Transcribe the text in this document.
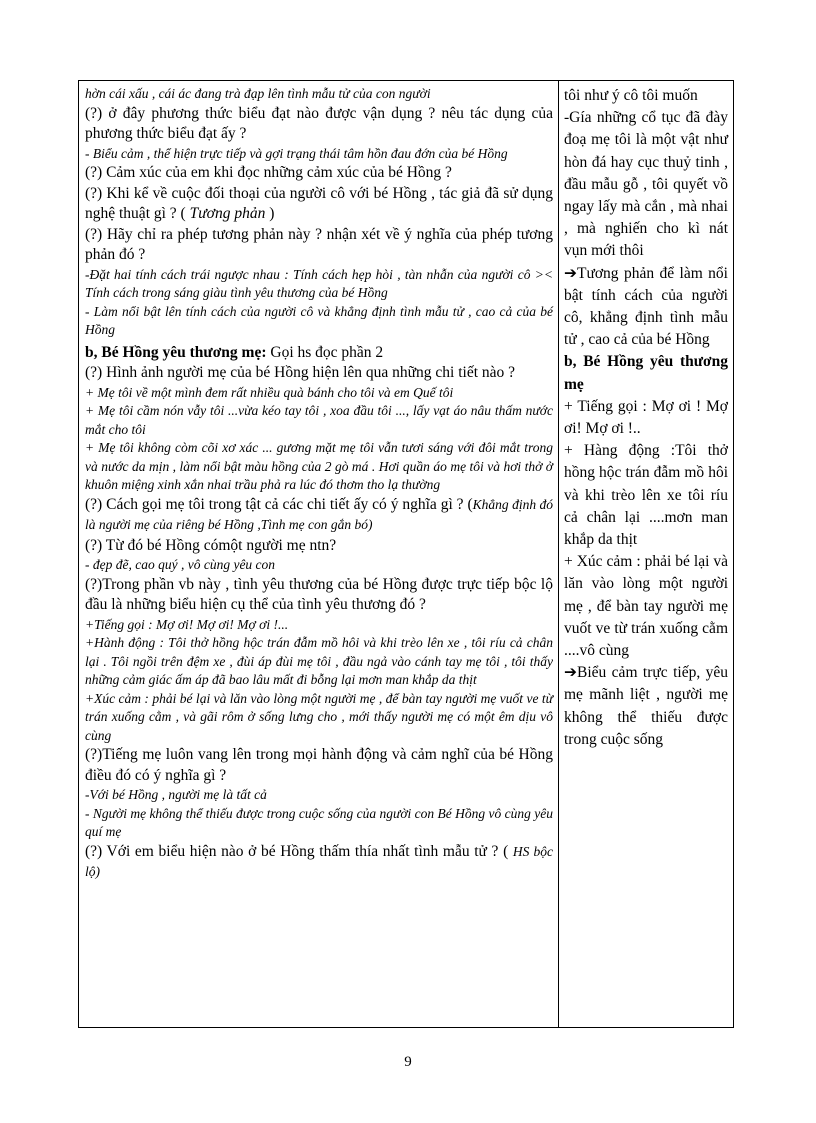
hờn cái xấu , cái ác đang trà đạp lên tình mẫu tử của con người

(?) ở đây phương thức biểu đạt nào được vận dụng ? nêu tác dụng của phương thức biểu đạt ấy ?

- Biểu cảm , thể hiện trực tiếp và gợi trạng thái tâm hồn đau đớn của bé Hồng

(?) Cảm xúc của em khi đọc những cảm xúc của bé Hồng ?

(?) Khi kể về cuộc đối thoại của người cô với bé Hồng , tác giả đã sử dụng nghệ thuật gì ? ( Tương phản )

(?) Hãy chỉ ra phép tương phản này ? nhận xét về ý nghĩa của phép tương phản đó ?

-Đặt hai tính cách trái ngược nhau : Tính cách hẹp hòi , tàn nhẫn của người cô >< Tính cách trong sáng giàu tình yêu thương của bé Hồng

- Làm nổi bật lên tính cách của người cô và khẳng định tình mẫu tử , cao cả của bé Hồng

b, Bé Hồng yêu thương mẹ: Gọi hs đọc phần 2

(?) Hình ảnh người mẹ của bé Hồng hiện lên qua những chi tiết nào ?

+ Mẹ tôi về một mình đem rất nhiều quà bánh cho tôi và em Quế tôi

+ Mẹ tôi cầm nón vẫy tôi ...vừa kéo tay tôi , xoa đầu tôi ..., lấy vạt áo nâu thấm nước mắt cho tôi

+ Mẹ tôi không còm cõi xơ xác ... gương mặt mẹ tôi vẫn tươi sáng với đôi mắt trong và nước da mịn , làm nổi bật màu hồng của 2 gò má . Hơi quần áo mẹ tôi và hơi thở ở khuôn miệng xinh xắn nhai trầu phả ra lúc đó thơm tho lạ thường

(?) Cách gọi mẹ tôi trong tật cả các chi tiết ấy có ý nghĩa gì ? (Khẳng định đó là người mẹ của riêng bé Hồng ,Tình mẹ con gắn bó)

(?) Từ đó bé Hồng cómột người mẹ ntn?

- đẹp đẽ, cao quý , vô cùng yêu con

(?)Trong phần vb này , tình yêu thương của bé Hồng được trực tiếp bộc lộ đầu là những biểu hiện cụ thể của tình yêu thương đó ?

+Tiếng gọi : Mợ ơi! Mợ ơi! Mợ ơi !...

+Hành động : Tôi thở hồng hộc trán đẫm mồ hôi và khi trèo lên xe , tôi ríu cả chân lại . Tôi ngồi trên đệm xe , đùi áp đùi mẹ tôi , đầu ngả vào cánh tay mẹ tôi , tôi thấy những cảm giác ấm áp đã bao lâu mất đi bỗng lại mơn man khắp da thịt

+Xúc cảm : phải bé lại và lăn vào lòng một người mẹ , để bàn tay người mẹ vuốt ve từ trán xuống cằm , và gãi rôm ở sống lưng cho , mới thấy người mẹ có một êm dịu vô cùng

(?)Tiếng mẹ luôn vang lên trong mọi hành động và cảm nghĩ của bé Hồng điều đó có ý nghĩa gì ?

-Với bé Hồng , người mẹ là tất cả

- Người mẹ không thể thiếu được trong cuộc sống của người con Bé Hồng vô cùng yêu quí mẹ

(?) Với em biểu hiện nào ở bé Hồng thấm thía nhất tình mẫu tử ? ( HS bộc lộ)

tôi như ý cô tôi muốn

-Gía những cổ tục đã đày đoạ mẹ tôi là một vật như hòn đá hay cục thuỷ tinh , đầu mẫu gỗ , tôi quyết vồ ngay lấy mà cắn , mà nhai , mà nghiến cho kì nát vụn mới thôi

➔Tương phản để làm nổi bật tính cách của người cô, khẳng định tình mẫu tử , cao cả của bé Hồng

b, Bé Hồng yêu thương mẹ

+ Tiếng gọi : Mợ ơi ! Mợ ơi! Mợ ơi !..

+ Hàng động :Tôi thở hồng hộc trán đẫm mồ hôi và khi trèo lên xe tôi ríu cả chân lại ....mơn man khắp da thịt

+ Xúc cảm : phải bé lại và lăn vào lòng một người mẹ , để bàn tay người mẹ vuốt ve từ trán xuống cằm ....vô cùng

➔Biểu cảm trực tiếp, yêu mẹ mãnh liệt , người mẹ không thể thiếu được trong cuộc sống

9
